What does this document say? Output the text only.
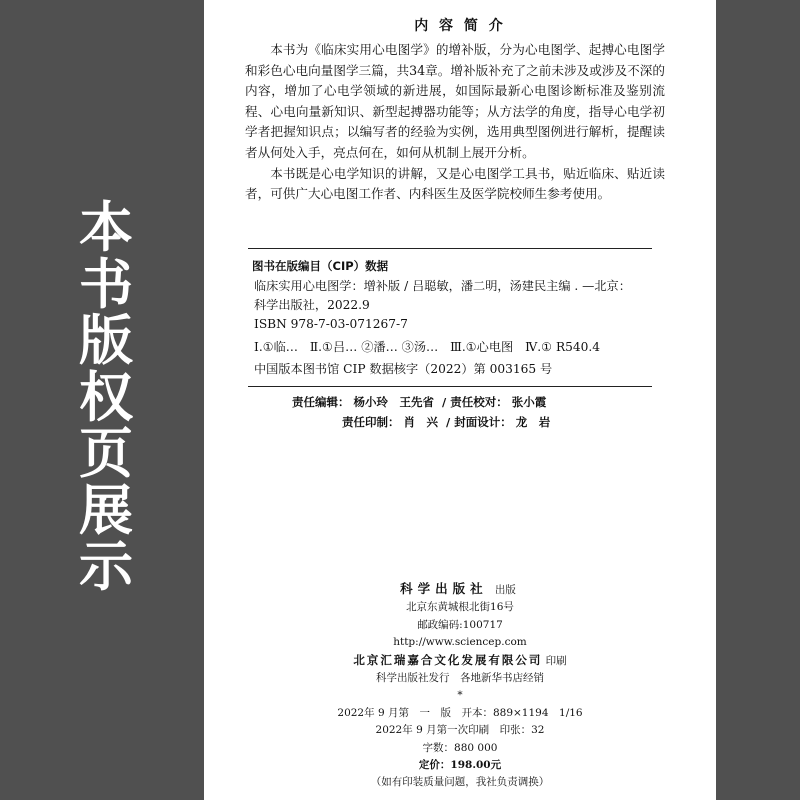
本书版权页展示
内 容 简 介

本书为《临床实用心电图学》的增补版，分为心电图学、起搏心电图学和彩色心电向量图学三篇，共34章。增补版补充了之前未涉及或涉及不深的内容，增加了心电学领域的新进展，如国际最新心电图诊断标准及鉴别流程、心电向量新知识、新型起搏器功能等；从方法学的角度，指导心电学初学者把握知识点；以编写者的经验为实例，选用典型图例进行解析，提醒读者从何处入手，亮点何在，如何从机制上展开分析。

本书既是心电学知识的讲解，又是心电图学工具书，贴近临床、贴近读者，可供广大心电图工作者、内科医生及医学院校师生参考使用。

图书在版编目（CIP）数据
临床实用心电图学：增补版 / 吕聪敏，潘二明，汤建民主编 . —北京：
科学出版社，2022.9
ISBN 978-7-03-071267-7
Ⅰ.①临… Ⅱ.①吕… ②潘… ③汤… Ⅲ.①心电图 Ⅳ.① R540.4
中国版本图书馆 CIP 数据核字（2022）第 003165 号
责任编辑： 杨小玲　王先省 / 责任校对： 张小霞
责任印制： 肖　兴 / 封面设计： 龙　岩
科学出版社 出版
北京东黄城根北街16号
邮政编码:100717
http://www.sciencep.com
北京汇瑞嘉合文化发展有限公司 印刷
科学出版社发行　各地新华书店经销
*
2022年 9 月第　一　版　开本：889×1194　1/16
2022年 9 月第一次印刷　印张：32
字数：880 000
定价：198.00元
（如有印装质量问题，我社负责调换）
